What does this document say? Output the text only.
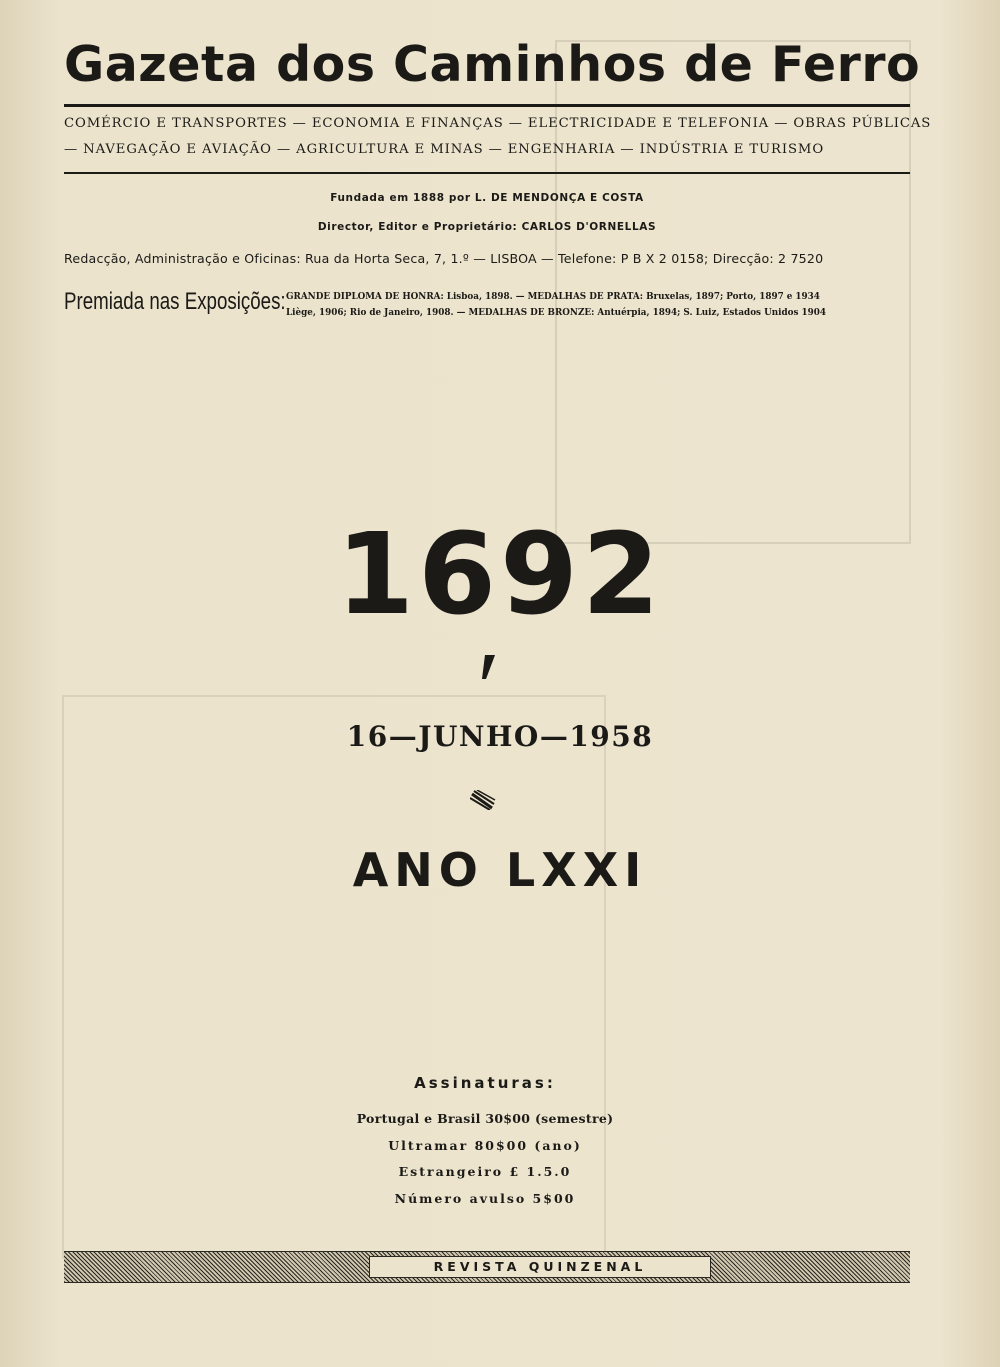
Gazeta dos Caminhos de Ferro
COMÉRCIO E TRANSPORTES — ECONOMIA E FINANÇAS — ELECTRICIDADE E TELEFONIA — OBRAS PÚBLICAS
— NAVEGAÇÃO E AVIAÇÃO — AGRICULTURA E MINAS — ENGENHARIA — INDÚSTRIA E TURISMO
Fundada em 1888 por L. DE MENDONÇA E COSTA
Director, Editor e Proprietário: CARLOS D'ORNELLAS
Redacção, Administração e Oficinas: Rua da Horta Seca, 7, 1.º — LISBOA — Telefone: P B X 2 0158; Direcção: 2 7520
Premiada nas Exposições: GRANDE DIPLOMA DE HONRA: Lisboa, 1898. — MEDALHAS DE PRATA: Bruxelas, 1897; Porto, 1897 e 1934
Liège, 1906; Rio de Janeiro, 1908. — MEDALHAS DE BRONZE: Antuérpia, 1894; S. Luiz, Estados Unidos 1904
1692
16—JUNHO—1958
ANO LXXI
Assinaturas:
Portugal e Brasil 30$00 (semestre)
Ultramar 80$00 (ano)
Estrangeiro £ 1.5.0
Número avulso 5$00
REVISTA QUINZENAL
